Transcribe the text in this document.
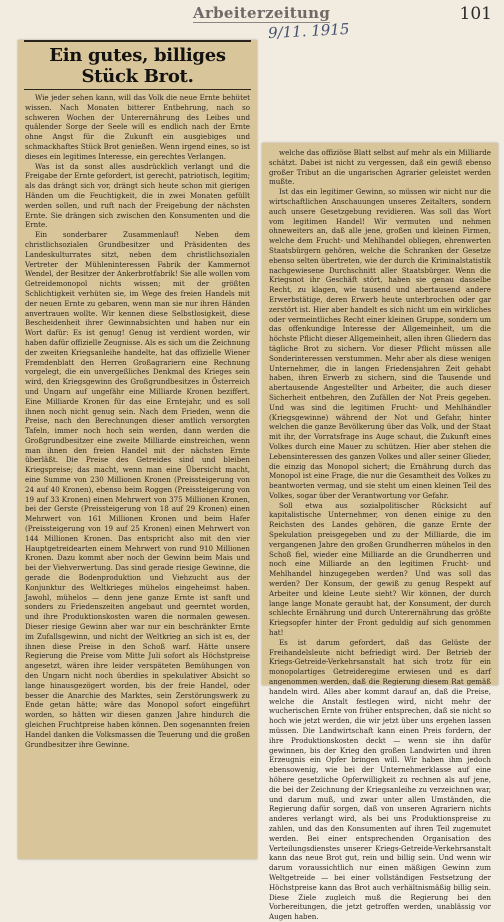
Arbeiterzeitung	101
9/11. 1915
Ein gutes, billiges Stück Brot.

Wie jeder sehen kann, will das Volk die neue Ernte behütet wissen. Nach Monaten bitterer Entbehrung, nach so schweren Wochen der Unterernährung des Leibes und quälender Sorge der Seele will es endlich nach der Ernte ohne Angst für die Zukunft ein ausgiebiges und schmackhaftes Stück Brot genießen. Wenn irgend eines, so ist dieses ein legitimes Interesse, ein gerechtes Verlangen.

Was ist da sonst alles ausdrücklich verlangt und die Freigabe der Ernte gefordert, ist gerecht, patriotisch, legitim; als das drängt sich vor, drängt sich heute schon mit gierigen Händen um die Feuchtigkeit, die in zwei Monaten gefüllt werden sollen, und ruft nach der Freigebung der nächsten Ernte. Sie drängen sich zwischen den Konsumenten und die Ernte.

Ein sonderbarer Zusammenlauf! Neben dem christlichsozialen Grundbesitzer und Präsidenten des Landeskulturrates sitzt, neben dem christlichsozialen Vertreter der Mühleninteressen Fabrik der Kammernot Wendel, der Besitzer der Ankerbrotfabrik! Sie alle wollen vom Getreidemonopol nichts wissen; mit der größten Schlichtigkeit verhüten sie, im Wege des freien Handels mit der neuen Ernte zu gebaren, wenn man sie nur ihren Händen anvertrauen wollte. Wir kennen diese Selbstlosigkeit, diese Bescheidenheit ihrer Gewinnabsichten und haben nur ein Wort dafür: Es ist genug! Genug ist verdient worden, wir haben dafür offizielle Zeugnisse. Als es sich um die Zeichnung der zweiten Kriegsanleihe handelte, hat das offizielle Wiener Fremdenblatt den Herren Großagrariern eine Rechnung vorgelegt, die ein unvergeßliches Denkmal des Krieges sein wird, den Kriegsgewinn des Großgrundbesitzes in Österreich und Ungarn auf ungefähr eine Milliarde Kronen beziffert. Eine Milliarde Kronen für das eine Erntejahr, und es soll ihnen noch nicht genug sein. Nach dem Frieden, wenn die Preise, nach den Berechnungen dieser amtlich versorgten Tafeln, immer noch hoch sein werden, dann werden die Großgrundbesitzer eine zweite Milliarde einstreichen, wenn man ihnen den freien Handel mit der nächsten Ernte überläßt. Die Preise des Getreides sind und bleiben Kriegspreise; das macht, wenn man eine Übersicht macht, eine Summe von 230 Millionen Kronen (Preissteigerung von 24 auf 40 Kronen), ebenso beim Roggen (Preissteigerung von 19 auf 33 Kronen) einen Mehrwert von 375 Millionen Kronen, bei der Gerste (Preissteigerung von 18 auf 29 Kronen) einen Mehrwert von 161 Millionen Kronen und beim Hafer (Preissteigerung von 19 auf 25 Kronen) einen Mehrwert von 144 Millionen Kronen. Das entspricht also mit den vier Hauptgetreidearten einem Mehrwert von rund 910 Millionen Kronen. Dazu kommt aber noch der Gewinn beim Mais und bei der Viehverwertung. Das sind gerade riesige Gewinne, die gerade die Bodenproduktion und Viehzucht aus der Konjunktur des Weltkrieges mühelos eingeheimst haben. Jawohl, mühelos — denn jene ganze Ernte ist sanft und sonders zu Friedenszeiten angebaut und geerntet worden, und ihre Produktionskosten waren die normalen gewesen. Dieser riesige Gewinn aber war nur ein beschränkter Ernte im Zufallsgewinn, und nicht der Weltkrieg an sich ist es, der ihnen diese Preise in den Schoß warf. Hätte unsere Regierung die Preise vom Mitte Juli sofort als Höchstpreise angesetzt, wären ihre leider verspäteten Bemühungen von den Ungarn nicht noch überdies in spekulativer Absicht so lange hinausgezögert worden, bis der freie Handel, oder besser die Anarchie des Marktes, sein Zerstörungswerk zu Ende getan hätte; wäre das Monopol sofort eingeführt worden, so hätten wir diesen ganzen Jahre hindurch die gleichen Fruchtpreise haben können. Den sogenannten freien Handel danken die Volksmassen die Teuerung und die großen Grundbesitzer ihre Gewinne.

welche das offiziöse Blatt selbst auf mehr als ein Milliarde schätzt. Dabei ist nicht zu vergessen, daß ein gewiß ebenso großer Tribut an die ungarischen Agrarier geleistet werden mußte.

Ist das ein legitimer Gewinn, so müssen wir nicht nur die wirtschaftlichen Anschauungen unseres Zeitalters, sondern auch unsere Gesetzgebung revidieren. Was soll das Wort vom legitimen Handel! Wir vermuten und nehmen ohneweiters an, daß alle jene, großen und kleinen Firmen, welche dem Frucht- und Mehlhandel obliegen, ehrenwerten Staatsbürgern gehören, welche die Schranken der Gesetze ebenso selten übertreten, wie der durch die Kriminalstatistik nachgewiesene Durchschnitt aller Staatsbürger. Wenn die Kriegsnot ihr Geschäft stört, haben sie genau dasselbe Recht, zu klagen, wie tausend und abertausend andere Erwerbstätige, deren Erwerb heute unterbrochen oder gar zerstört ist. Hier aber handelt es sich nicht um ein wirkliches oder vermeintliches Recht einer kleinen Gruppe, sondern um das offenkundige Interesse der Allgemeinheit, um die höchste Pflicht dieser Allgemeinheit, allen ihren Gliedern das tägliche Brot zu sichern. Vor dieser Pflicht müssen alle Sonderinteressen verstummen. Mehr aber als diese wenigen Unternehmer, die in langen Friedensjahren Zeit gehabt haben, ihren Erwerb zu sichern, sind die Tausende und abertausende Angestellter und Arbeiter, die auch dieser Sicherheit entbehren, den Zufällen der Not Preis gegeben. Und was sind die legitimen Frucht- und Mehlhändler (Kriegsgewinne) während der Not und Gefahr, hinter welchen die ganze Bevölkerung über das Volk, und der Staat mit ihr, der Vorratsfrage ins Auge schaut, die Zukunft eines Volkes durch eine Mauer zu schützen. Hier aber stehen die Lebensinteressen des ganzen Volkes und aller seiner Glieder, die einzig das Monopol sichert; die Ernährung durch das Monopol ist eine Frage, die nur die Gesamtheit des Volkes zu beantworten vermag, und sie steht um einen kleinen Teil des Volkes, sogar über der Verantwortung vor Gefahr.

Soll etwa aus sozialpolitischer Rücksicht auf kapitalistische Unternehmer, von denen einige zu den Reichsten des Landes gehören, die ganze Ernte der Spekulation preisgegeben und zu der Milliarde, die im vergangenen Jahre den großen Grundherren mühelos in den Schoß fiel, wieder eine Milliarde an die Grundherren und noch eine Milliarde an den legitimen Frucht- und Mehlhandel hinzugegeben werden? Und was soll das werden? Der Konsum, der gewiß zu genug Respekt auf Arbeiter und kleine Leute sieht? Wir können, der durch lange lange Monate geraubt hat, der Konsument, der durch schlechte Ernährung und durch Unterernährung das größte Kriegsopfer hinter der Front geduldig auf sich genommen hat!

Es ist darum gefordert, daß das Gelüste der Freihandelsleute nicht befriedigt wird. Der Betrieb der Kriegs-Getreide-Verkehrsanstalt hat sich trotz für ein monopolartiges Getreideregime erwiesen und es darf angenommen werden, daß die Regierung diesem Rat gemäß handeln wird. Alles aber kommt darauf an, daß die Preise, welche die Anstalt festlegen wird, nicht mehr der wucherischen Ernte von früher entsprechen, daß sie nicht so hoch wie jetzt werden, die wir jetzt über uns ergehen lassen müssen. Die Landwirtschaft kann einen Preis fordern, der ihre Produktionskosten deckt — wenn sie ihn dafür gewinnen, bis der Krieg den großen Landwirten und ihren Erzeugnis ein Opfer bringen will. Wir haben ihm jedoch ebensowenig, wie bei der Unternehmerklasse auf eine höhere gesetzliche Opferwilligkeit zu rechnen als auf jene, die bei der Zeichnung der Kriegsanleihe zu verzeichnen war, und darum muß, und zwar unter allen Umständen, die Regierung dafür sorgen, daß von unseren Agrariern nichts anderes verlangt wird, als bei uns Produktionspreise zu zahlen, und das den Konsumenten auf ihren Teil zugemutet werden. Bei einer entsprechenden Organisation des Verteilungsdienstes unserer Kriegs-Getreide-Verkehrsanstalt kann das neue Brot gut, rein und billig sein. Und wenn wir darum voraussichtlich nur einen mäßigen Gewinn zum Weltgetreide — bei einer vollständigen Festsetzung der Höchstpreise kann das Brot auch verhältnismäßig billig sein. Diese Ziele zugleich muß die Regierung bei den Vorbereitungen, die jetzt getroffen werden, unablässig vor Augen haben.
